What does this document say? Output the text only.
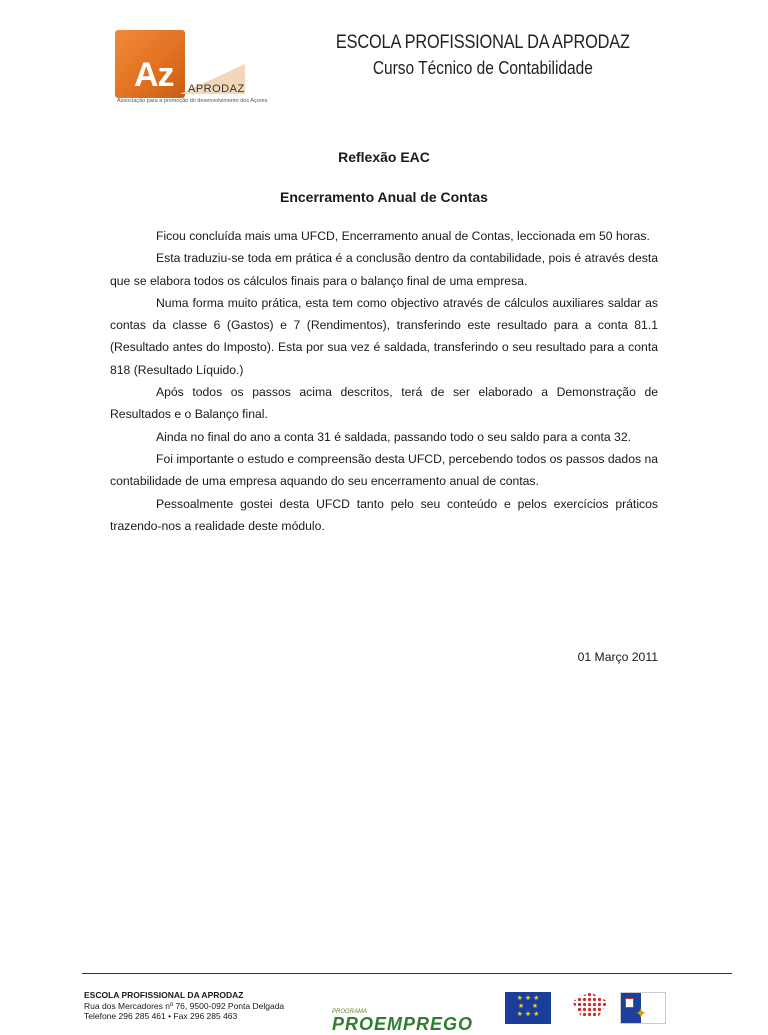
Az APRODAZ
Associação para a promoção do desenvolvimento dos Açores
ESCOLA PROFISSIONAL DA APRODAZ
Curso Técnico de Contabilidade
Reflexão EAC
Encerramento Anual de Contas

Ficou concluída mais uma UFCD, Encerramento anual de Contas, leccionada em 50 horas.

Esta traduziu-se toda em prática é a conclusão dentro da contabilidade, pois é através desta que se elabora todos os cálculos finais para o balanço final de uma empresa.

Numa forma muito prática, esta tem como objectivo através de cálculos auxiliares saldar as contas da classe 6 (Gastos) e 7 (Rendimentos), transferindo este resultado para a conta 81.1 (Resultado antes do Imposto). Esta por sua vez é saldada, transferindo o seu resultado para a conta 818 (Resultado Líquido.)

Após todos os passos acima descritos, terá de ser elaborado a Demonstração de Resultados e o Balanço final.

Ainda no final do ano a conta 31 é saldada, passando todo o seu saldo para a conta 32.

Foi importante o estudo e compreensão desta UFCD, percebendo todos os passos dados na contabilidade de uma empresa aquando do seu encerramento anual de contas.

Pessoalmente gostei desta UFCD tanto pelo seu conteúdo e pelos exercícios práticos trazendo-nos a realidade deste módulo.

01 Março 2011
ESCOLA PROFISSIONAL DA APRODAZ
Rua dos Mercadores nº 76, 9500-092 Ponta Delgada
Telefone 296 285 461 • Fax 296 285 463	PROGRAMA
PROEMPREGO
★ ★ ★
★    ★
★ ★ ★	✦
